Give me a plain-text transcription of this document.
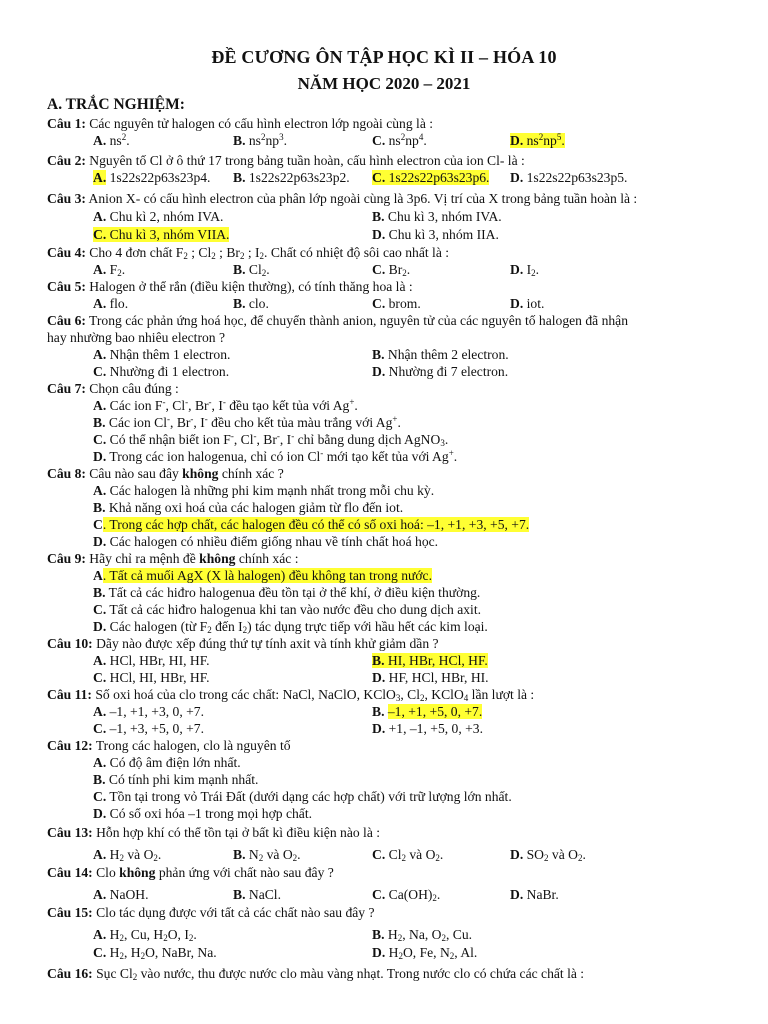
ĐỀ CƯƠNG ÔN TẬP HỌC KÌ II – HÓA 10
NĂM HỌC 2020 – 2021
A. TRẮC NGHIỆM:
Câu 1: Các nguyên tử halogen có cấu hình electron lớp ngoài cùng là :
A. $ns^2$.	B. $ns^2np^3$.	C. $ns^2np^4$.	D. $ns^2np^5$.
Câu 2: Nguyên tố Cl ở ô thứ 17 trong bảng tuần hoàn, cấu hình electron của ion Cl- là :
A. 1s22s22p63s23p4. B. 1s22s22p63s23p2. C. 1s22s22p63s23p6. D. 1s22s22p63s23p5.
Câu 3: Anion X- có cấu hình electron của phân lớp ngoài cùng là 3p6. Vị trí của X trong bảng tuần hoàn là :
A. Chu kì 2, nhóm IVA.	B. Chu kì 3, nhóm IVA.
C. Chu kì 3, nhóm VIIA.	D. Chu kì 3, nhóm IIA.
Câu 4: Cho 4 đơn chất $F_2$ ; $Cl_2$ ; $Br_2$ ; $I_2$. Chất có nhiệt độ sôi cao nhất là :
A. $F_2$.	B. $Cl_2$.	C. $Br_2$.	D. $I_2$.
Câu 5: Halogen ở thể rắn (điều kiện thường), có tính thăng hoa là :
A. flo.	B. clo.	C. brom.	D. iot.
Câu 6: Trong các phản ứng hoá học, để chuyển thành anion, nguyên tử của các nguyên tố halogen đã nhận
hay nhường bao nhiêu electron ?
A. Nhận thêm 1 electron.	B. Nhận thêm 2 electron.
C. Nhường đi 1 electron.	D. Nhường đi 7 electron.
Câu 7: Chọn câu đúng :
A. Các ion F-, Cl-, Br-, I- đều tạo kết tủa với Ag+.
B. Các ion Cl-, Br-, I- đều cho kết tủa màu trắng với Ag+.
C. Có thể nhận biết ion F-, Cl-, Br-, I- chỉ bằng dung dịch AgNO$_3$.
D. Trong các ion halogenua, chỉ có ion Cl- mới tạo kết tủa với Ag+.
Câu 8: Câu nào sau đây không chính xác ?
A. Các halogen là những phi kim mạnh nhất trong mỗi chu kỳ.
B. Khả năng oxi hoá của các halogen giảm từ flo đến iot.
C. Trong các hợp chất, các halogen đều có thể có số oxi hoá: –1, +1, +3, +5, +7.
D. Các halogen có nhiều điểm giống nhau về tính chất hoá học.
Câu 9: Hãy chỉ ra mệnh đề không chính xác :
A. Tất cả muối AgX (X là halogen) đều không tan trong nước.
B. Tất cả các hiđro halogenua đều tồn tại ở thể khí, ở điều kiện thường.
C. Tất cả các hiđro halogenua khi tan vào nước đều cho dung dịch axit.
D. Các halogen (từ $F_2$ đến $I_2$) tác dụng trực tiếp với hầu hết các kim loại.
Câu 10: Dãy nào được xếp đúng thứ tự tính axit và tính khử giảm dần ?
A. HCl, HBr, HI, HF.	B. HI, HBr, HCl, HF.
C. HCl, HI, HBr, HF.	D. HF, HCl, HBr, HI.
Câu 11: Số oxi hoá của clo trong các chất: NaCl, NaClO, KClO$_3$, $Cl_2$, KClO$_4$ lần lượt là :
A. –1, +1, +3, 0, +7.	B. –1, +1, +5, 0, +7.
C. –1, +3, +5, 0, +7.	D. +1, –1, +5, 0, +3.
Câu 12: Trong các halogen, clo là nguyên tố
A. Có độ âm điện lớn nhất.
B. Có tính phi kim mạnh nhất.
C. Tồn tại trong vỏ Trái Đất (dưới dạng các hợp chất) với trữ lượng lớn nhất.
D. Có số oxi hóa –1 trong mọi hợp chất.
Câu 13: Hỗn hợp khí có thể tồn tại ở bất kì điều kiện nào là :
A. $H_2$ và $O_2$.	B. $N_2$ và $O_2$.	C. $Cl_2$ và $O_2$.	D. $SO_2$ và $O_2$.
Câu 14: Clo không phản ứng với chất nào sau đây ?
A. NaOH.	B. NaCl.	C. $Ca(OH)_2$.	D. NaBr.
Câu 15: Clo tác dụng được với tất cả các chất nào sau đây ?
A. $H_2$, Cu, $H_2O$, $I_2$.	B. $H_2$, Na, $O_2$, Cu.
C. $H_2$, $H_2O$, NaBr, Na.	D. $H_2O$, Fe, $N_2$, Al.
Câu 16: Sục $Cl_2$ vào nước, thu được nước clo màu vàng nhạt. Trong nước clo có chứa các chất là :
